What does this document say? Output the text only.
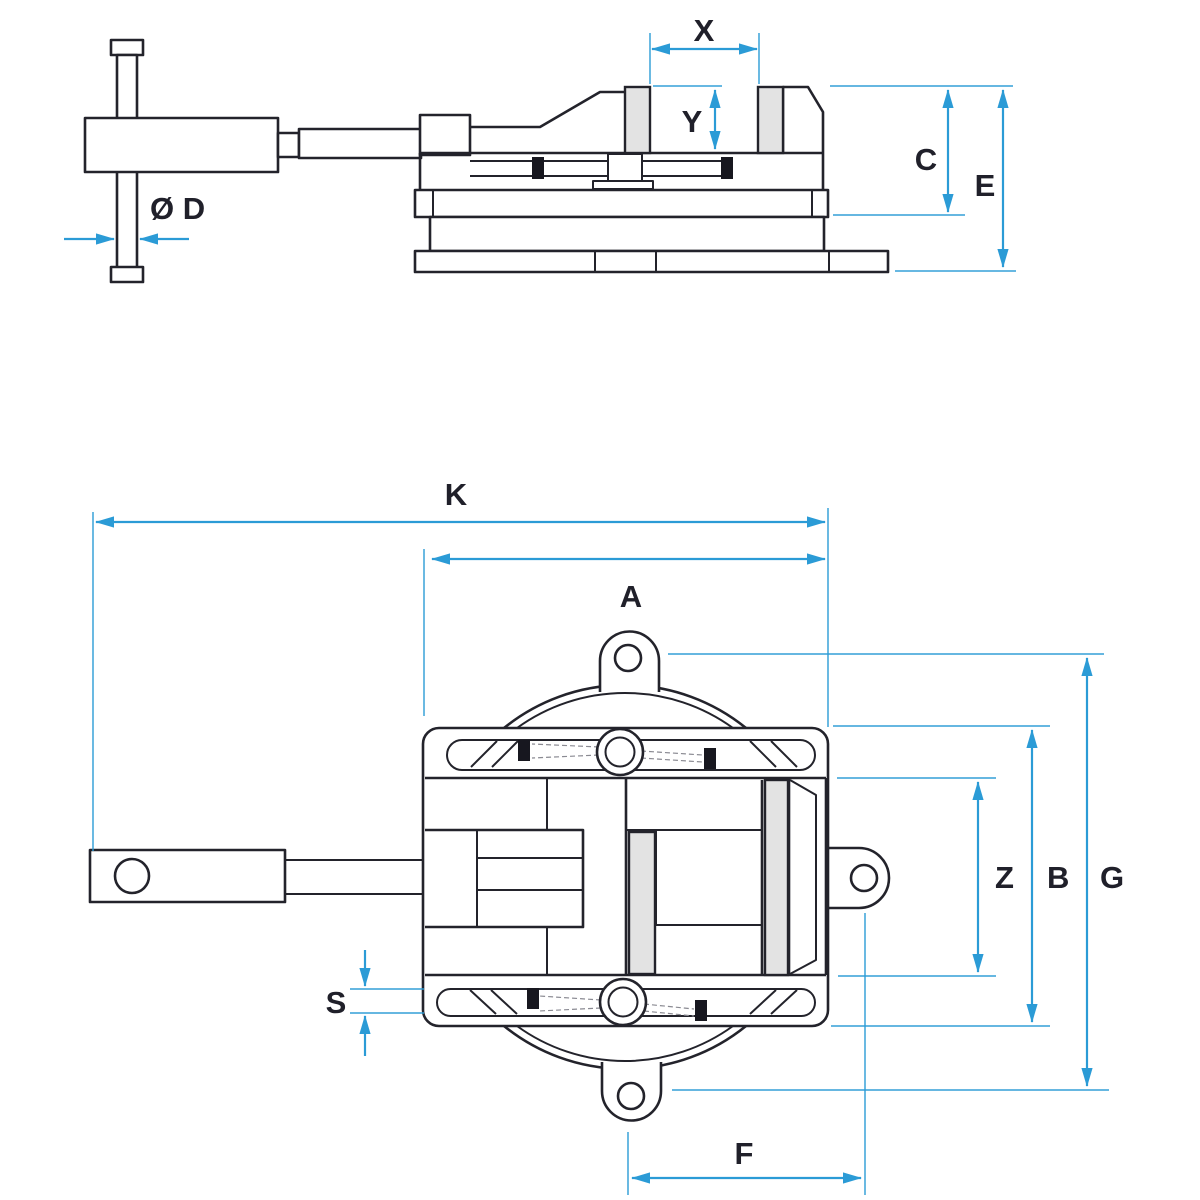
X
Y
Ø D
C
E
K
A
Z B G
S
F
